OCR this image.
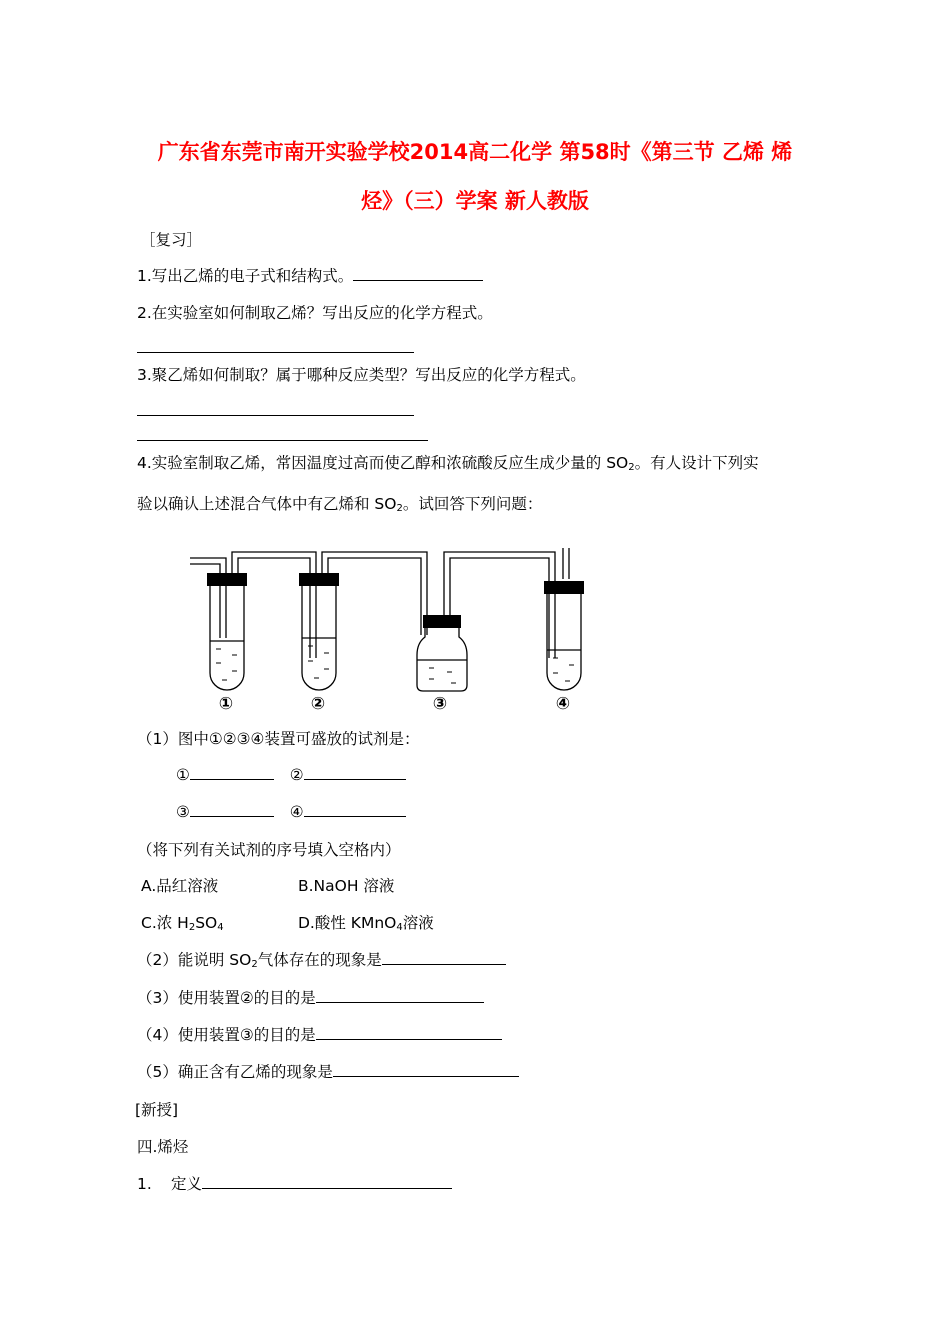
广东省东莞市南开实验学校2014高二化学 第58时《第三节 乙烯 烯
烃》（三）学案 新人教版

［复习］

1.写出乙烯的电子式和结构式。

2.在实验室如何制取乙烯？写出反应的化学方程式。

3.聚乙烯如何制取？属于哪种反应类型？写出反应的化学方程式。

4.实验室制取乙烯，常因温度过高而使乙醇和浓硫酸反应生成少量的 $SO_2$。有人设计下列实

验以确认上述混合气体中有乙烯和 $SO_2$。试回答下列问题：

①	②	③	④

（1）图中①②③④装置可盛放的试剂是：

①	②

③	④

（将下列有关试剂的序号填入空格内）

A.品红溶液	B.NaOH 溶液

C.浓 $H_2SO_4$	D.酸性 KMnO$_4$溶液

（2）能说明 $SO_2$气体存在的现象是

（3）使用装置②的目的是

（4）使用装置③的目的是

（5）确正含有乙烯的现象是

[新授]

四.烯烃

1. 定义
